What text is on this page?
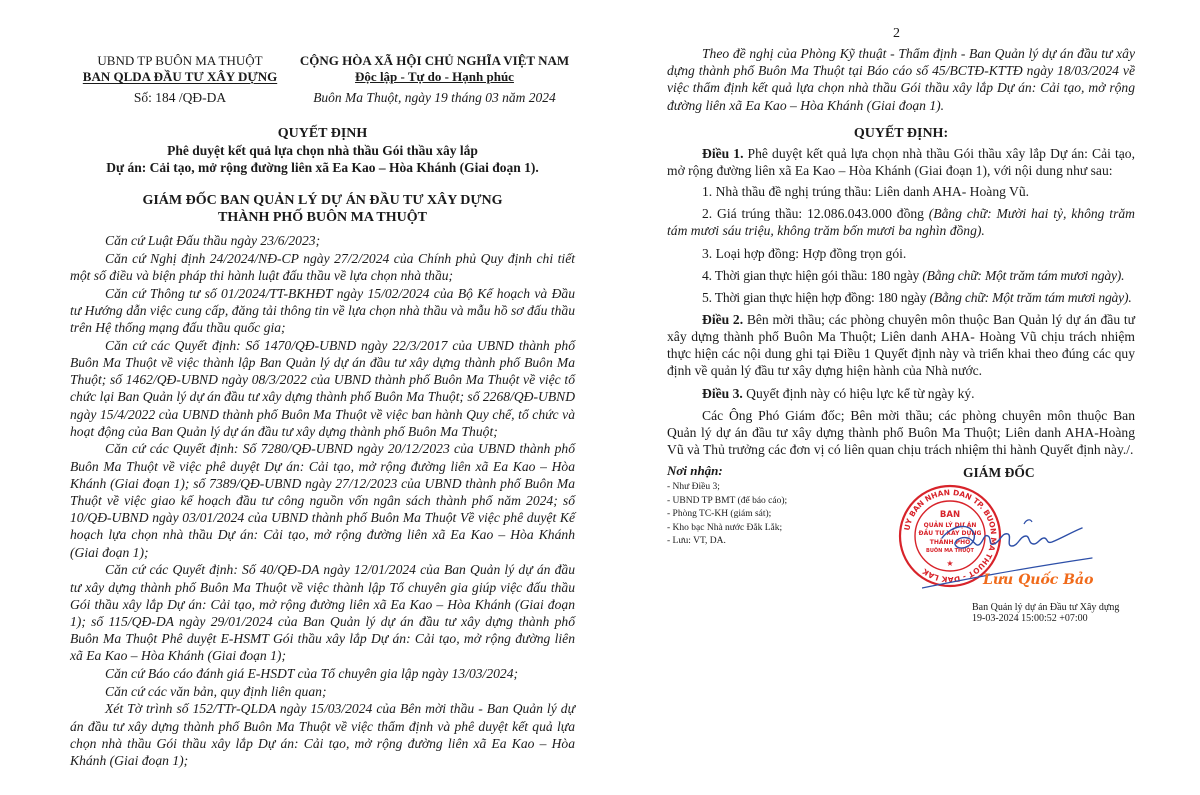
UBND TP BUÔN MA THUỘT
BAN QLDA ĐẦU TƯ XÂY DỰNG
Số: 184 /QĐ-DA
CỘNG HÒA XÃ HỘI CHỦ NGHĨA VIỆT NAM
Độc lập - Tự do - Hạnh phúc
Buôn Ma Thuột, ngày 19 tháng 03 năm 2024
QUYẾT ĐỊNH
Phê duyệt kết quả lựa chọn nhà thầu Gói thầu xây lắp
Dự án: Cải tạo, mở rộng đường liên xã Ea Kao – Hòa Khánh (Giai đoạn 1).
GIÁM ĐỐC BAN QUẢN LÝ DỰ ÁN ĐẦU TƯ XÂY DỰNG
THÀNH PHỐ BUÔN MA THUỘT

Căn cứ Luật Đấu thầu ngày 23/6/2023;

Căn cứ Nghị định 24/2024/NĐ-CP ngày 27/2/2024 của Chính phủ Quy định chi tiết một số điều và biện pháp thi hành luật đấu thầu về lựa chọn nhà thầu;

Căn cứ Thông tư số 01/2024/TT-BKHĐT ngày 15/02/2024 của Bộ Kế hoạch và Đầu tư Hướng dẫn việc cung cấp, đăng tải thông tin về lựa chọn nhà thầu và mẫu hồ sơ đấu thầu trên Hệ thống mạng đấu thầu quốc gia;

Căn cứ các Quyết định: Số 1470/QĐ-UBND ngày 22/3/2017 của UBND thành phố Buôn Ma Thuột về việc thành lập Ban Quản lý dự án đầu tư xây dựng thành phố Buôn Ma Thuột; số 1462/QĐ-UBND ngày 08/3/2022 của UBND thành phố Buôn Ma Thuột về việc tổ chức lại Ban Quản lý dự án đầu tư xây dựng thành phố Buôn Ma Thuột; số 2268/QĐ-UBND ngày 15/4/2022 của UBND thành phố Buôn Ma Thuột về việc ban hành Quy chế, tổ chức và hoạt động của Ban Quản lý dự án đầu tư xây dựng thành phố Buôn Ma Thuột;

Căn cứ các Quyết định: Số 7280/QĐ-UBND ngày 20/12/2023 của UBND thành phố Buôn Ma Thuột về việc phê duyệt Dự án: Cải tạo, mở rộng đường liên xã Ea Kao – Hòa Khánh (Giai đoạn 1); số 7389/QĐ-UBND ngày 27/12/2023 của UBND thành phố Buôn Ma Thuột về việc giao kế hoạch đầu tư công nguồn vốn ngân sách thành phố năm 2024; số 10/QĐ-UBND ngày 03/01/2024 của UBND thành phố Buôn Ma Thuột Về việc phê duyệt Kế hoạch lựa chọn nhà thầu Dự án: Cải tạo, mở rộng đường liên xã Ea Kao – Hòa Khánh (Giai đoạn 1);

Căn cứ các Quyết định: Số 40/QĐ-DA ngày 12/01/2024 của Ban Quản lý dự án đầu tư xây dựng thành phố Buôn Ma Thuột về việc thành lập Tổ chuyên gia giúp việc đấu thầu Gói thầu xây lắp Dự án: Cải tạo, mở rộng đường liên xã Ea Kao – Hòa Khánh (Giai đoạn 1); số 115/QĐ-DA ngày 29/01/2024 của Ban Quản lý dự án đầu tư xây dựng thành phố Buôn Ma Thuột Phê duyệt E-HSMT Gói thầu xây lắp Dự án: Cải tạo, mở rộng đường liên xã Ea Kao – Hòa Khánh (Giai đoạn 1);

Căn cứ Báo cáo đánh giá E-HSDT của Tổ chuyên gia lập ngày 13/03/2024;

Căn cứ các văn bản, quy định liên quan;

Xét Tờ trình số 152/TTr-QLDA ngày 15/03/2024 của Bên mời thầu - Ban Quản lý dự án đầu tư xây dựng thành phố Buôn Ma Thuột về việc thẩm định và phê duyệt kết quả lựa chọn nhà thầu Gói thầu xây lắp Dự án: Cải tạo, mở rộng đường liên xã Ea Kao – Hòa Khánh (Giai đoạn 1);

2

Theo đề nghị của Phòng Kỹ thuật - Thẩm định - Ban Quản lý dự án đầu tư xây dựng thành phố Buôn Ma Thuột tại Báo cáo số 45/BCTĐ-KTTĐ ngày 18/03/2024 về việc thẩm định kết quả lựa chọn nhà thầu Gói thầu xây lắp Dự án: Cải tạo, mở rộng đường liên xã Ea Kao – Hòa Khánh (Giai đoạn 1).

QUYẾT ĐỊNH:

Điều 1. Phê duyệt kết quả lựa chọn nhà thầu Gói thầu xây lắp Dự án: Cải tạo, mở rộng đường liên xã Ea Kao – Hòa Khánh (Giai đoạn 1), với nội dung như sau:

1. Nhà thầu đề nghị trúng thầu: Liên danh AHA- Hoàng Vũ.

2. Giá trúng thầu: 12.086.043.000 đồng (Bằng chữ: Mười hai tỷ, không trăm tám mươi sáu triệu, không trăm bốn mươi ba nghìn đồng).

3. Loại hợp đồng: Hợp đồng trọn gói.

4. Thời gian thực hiện gói thầu: 180 ngày (Bằng chữ: Một trăm tám mươi ngày).

5. Thời gian thực hiện hợp đồng: 180 ngày (Bằng chữ: Một trăm tám mươi ngày).

Điều 2. Bên mời thầu; các phòng chuyên môn thuộc Ban Quản lý dự án đầu tư xây dựng thành phố Buôn Ma Thuột; Liên danh AHA- Hoàng Vũ chịu trách nhiệm thực hiện các nội dung ghi tại Điều 1 Quyết định này và triển khai theo đúng các quy định về quản lý đầu tư xây dựng hiện hành của Nhà nước.

Điều 3. Quyết định này có hiệu lực kể từ ngày ký.

Các Ông Phó Giám đốc; Bên mời thầu; các phòng chuyên môn thuộc Ban Quản lý dự án đầu tư xây dựng thành phố Buôn Ma Thuột; Liên danh AHA-Hoàng Vũ và Thủ trưởng các đơn vị có liên quan chịu trách nhiệm thi hành Quyết định này./.

Nơi nhận:
- Như Điều 3;
- UBND TP BMT (để báo cáo);
- Phòng TC-KH (giám sát);
- Kho bạc Nhà nước Đắk Lắk;
- Lưu: VT, DA.
GIÁM ĐỐC
UY BAN NHAN DAN TP. BUON MA THUOT - DAK LAK
BAN
QUẢN LÝ DỰ ÁN
ĐẦU TƯ XÂY DỰNG
THÀNH PHỐ
BUÔN MA THUỘT
★
Lưu Quốc Bảo
Ban Quản lý dự án Đầu tư Xây dựng
19-03-2024 15:00:52 +07:00
